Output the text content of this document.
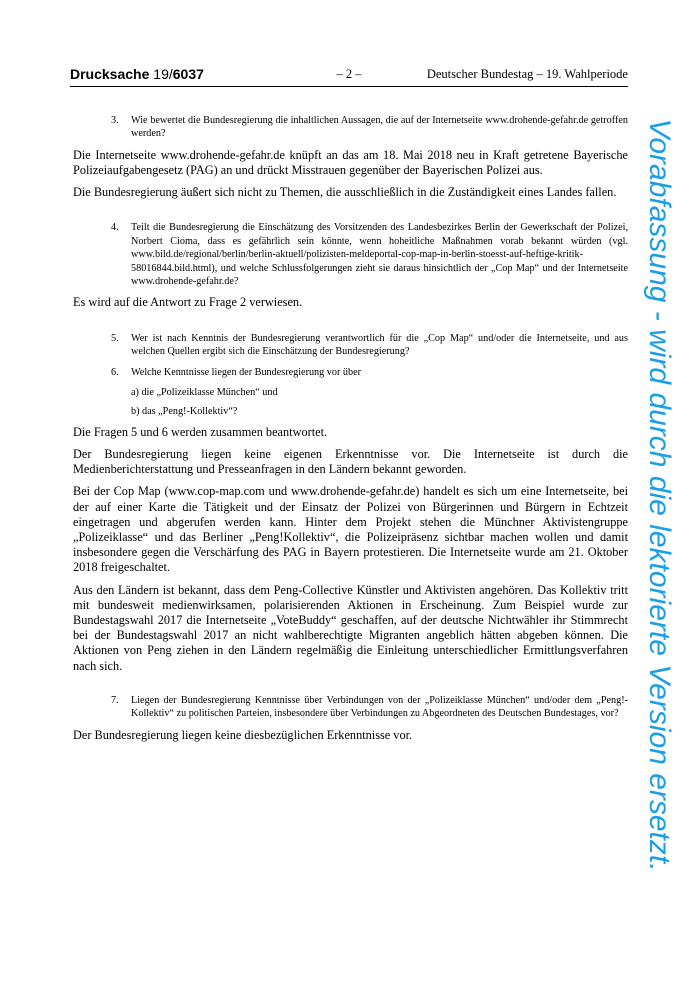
Drucksache 19/6037	– 2 –	Deutscher Bundestag – 19. Wahlperiode

3. Wie bewertet die Bundesregierung die inhaltlichen Aussagen, die auf der Internetseite www.drohende-gefahr.de getroffen werden?

Die Internetseite www.drohende-gefahr.de knüpft an das am 18. Mai 2018 neu in Kraft getretene Bayerische Polizeiaufgabengesetz (PAG) an und drückt Misstrauen gegenüber der Bayerischen Polizei aus.

Die Bundesregierung äußert sich nicht zu Themen, die ausschließlich in die Zuständigkeit eines Landes fallen.

4. Teilt die Bundesregierung die Einschätzung des Vorsitzenden des Landesbezirkes Berlin der Gewerkschaft der Polizei, Norbert Cioma, dass es gefährlich sein könnte, wenn hoheitliche Maßnahmen vorab bekannt würden (vgl. www.bild.de/regional/berlin/berlin-aktuell/polizisten-meldeportal-cop-map-in-berlin-stoesst-auf-heftige-kritik-58016844.bild.html), und welche Schlussfolgerungen zieht sie daraus hinsichtlich der „Cop Map“ und der Internetseite www.drohende-gefahr.de?

Es wird auf die Antwort zu Frage 2 verwiesen.

5. Wer ist nach Kenntnis der Bundesregierung verantwortlich für die „Cop Map“ und/oder die Internetseite, und aus welchen Quellen ergibt sich die Einschätzung der Bundesregierung?

6. Welche Kenntnisse liegen der Bundesregierung vor über

a) die „Polizeiklasse München“ und

b) das „Peng!-Kollektiv“?

Die Fragen 5 und 6 werden zusammen beantwortet.

Der Bundesregierung liegen keine eigenen Erkenntnisse vor. Die Internetseite ist durch die Medienberichterstattung und Presseanfragen in den Ländern bekannt geworden.

Bei der Cop Map (www.cop-map.com und www.drohende-gefahr.de) handelt es sich um eine Internetseite, bei der auf einer Karte die Tätigkeit und der Einsatz der Polizei von Bürgerinnen und Bürgern in Echtzeit eingetragen und abgerufen werden kann. Hinter dem Projekt stehen die Münchner Aktivistengruppe „Polizeiklasse“ und das Berliner „Peng!Kollektiv“, die Polizeipräsenz sichtbar machen wollen und damit insbesondere gegen die Verschärfung des PAG in Bayern protestieren. Die Internetseite wurde am 21. Oktober 2018 freigeschaltet.

Aus den Ländern ist bekannt, dass dem Peng-Collective Künstler und Aktivisten angehören. Das Kollektiv tritt mit bundesweit medienwirksamen, polarisierenden Aktionen in Erscheinung. Zum Beispiel wurde zur Bundestagswahl 2017 die Internetseite „VoteBuddy“ geschaffen, auf der deutsche Nichtwähler ihr Stimmrecht bei der Bundestagswahl 2017 an nicht wahlberechtigte Migranten angeblich hätten abgeben können. Die Aktionen von Peng ziehen in den Ländern regelmäßig die Einleitung unterschiedlicher Ermittlungsverfahren nach sich.

7. Liegen der Bundesregierung Kenntnisse über Verbindungen von der „Polizeiklasse München“ und/oder dem „Peng!-Kollektiv“ zu politischen Parteien, insbesondere über Verbindungen zu Abgeordneten des Deutschen Bundestages, vor?

Der Bundesregierung liegen keine diesbezüglichen Erkenntnisse vor.	Vorabfassung - wird durch die lektorierte Version ersetzt.
